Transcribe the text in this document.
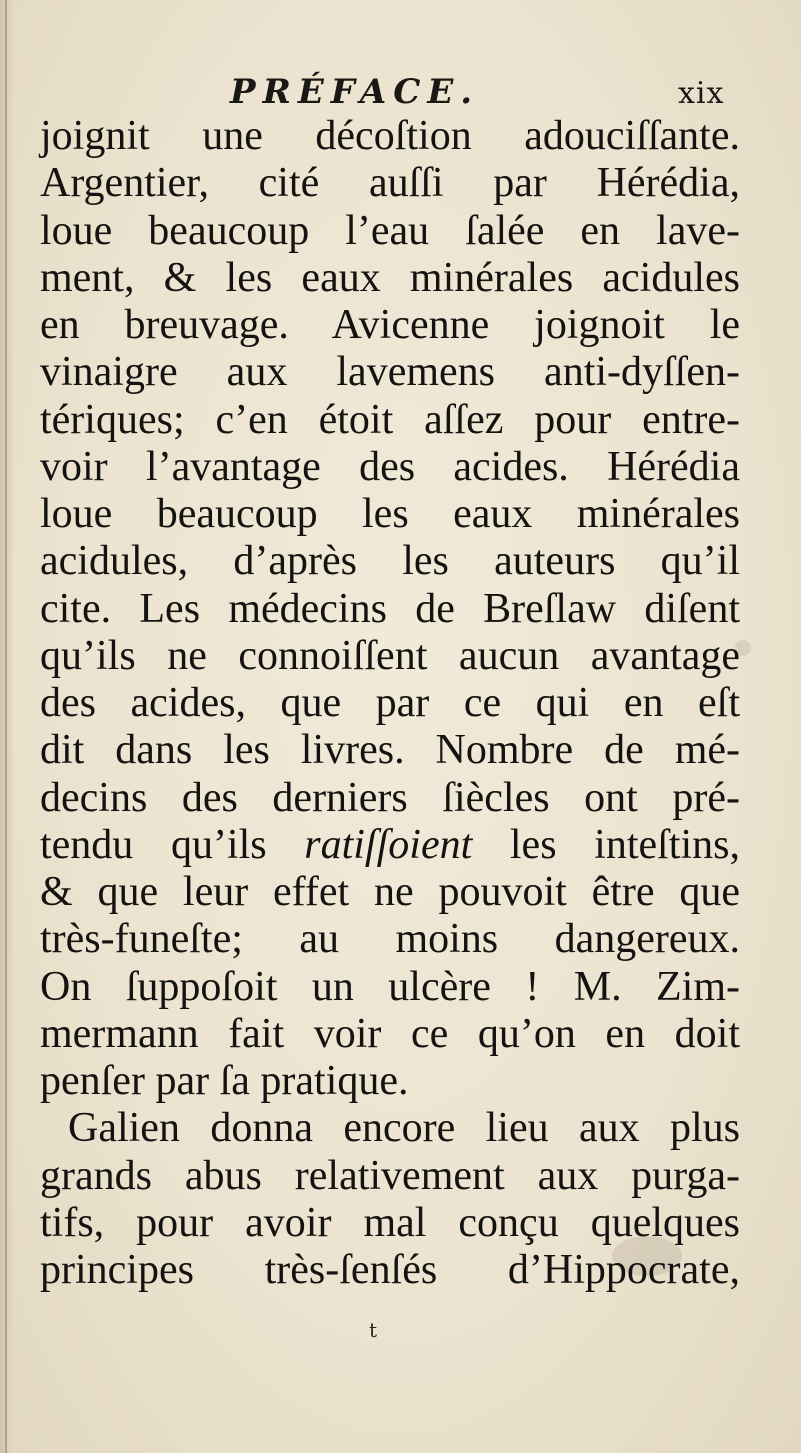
PRÉFACE.	xix
joignit une décoſtion adouciſſante.
Argentier, cité auſſi par Hérédia,
loue beaucoup l’eau ſalée en lave-
ment, & les eaux minérales acidules
en breuvage. Avicenne joignoit le
vinaigre aux lavemens anti-dyſſen-
tériques; c’en étoit aſſez pour entre-
voir l’avantage des acides. Hérédia
loue beaucoup les eaux minérales
acidules, d’après les auteurs qu’il
cite. Les médecins de Breſlaw diſent
qu’ils ne connoiſſent aucun avantage
des acides, que par ce qui en eſt
dit dans les livres. Nombre de mé-
decins des derniers ſiècles ont pré-
tendu qu’ils ratiſſoient les inteſtins,
& que leur effet ne pouvoit être que
très-funeſte; au moins dangereux.
On ſuppoſoit un ulcère ! M. Zim-
mermann fait voir ce qu’on en doit
penſer par ſa pratique.
Galien donna encore lieu aux plus
grands abus relativement aux purga-
tifs, pour avoir mal conçu quelques
principes très-ſenſés d’Hippocrate,
t
